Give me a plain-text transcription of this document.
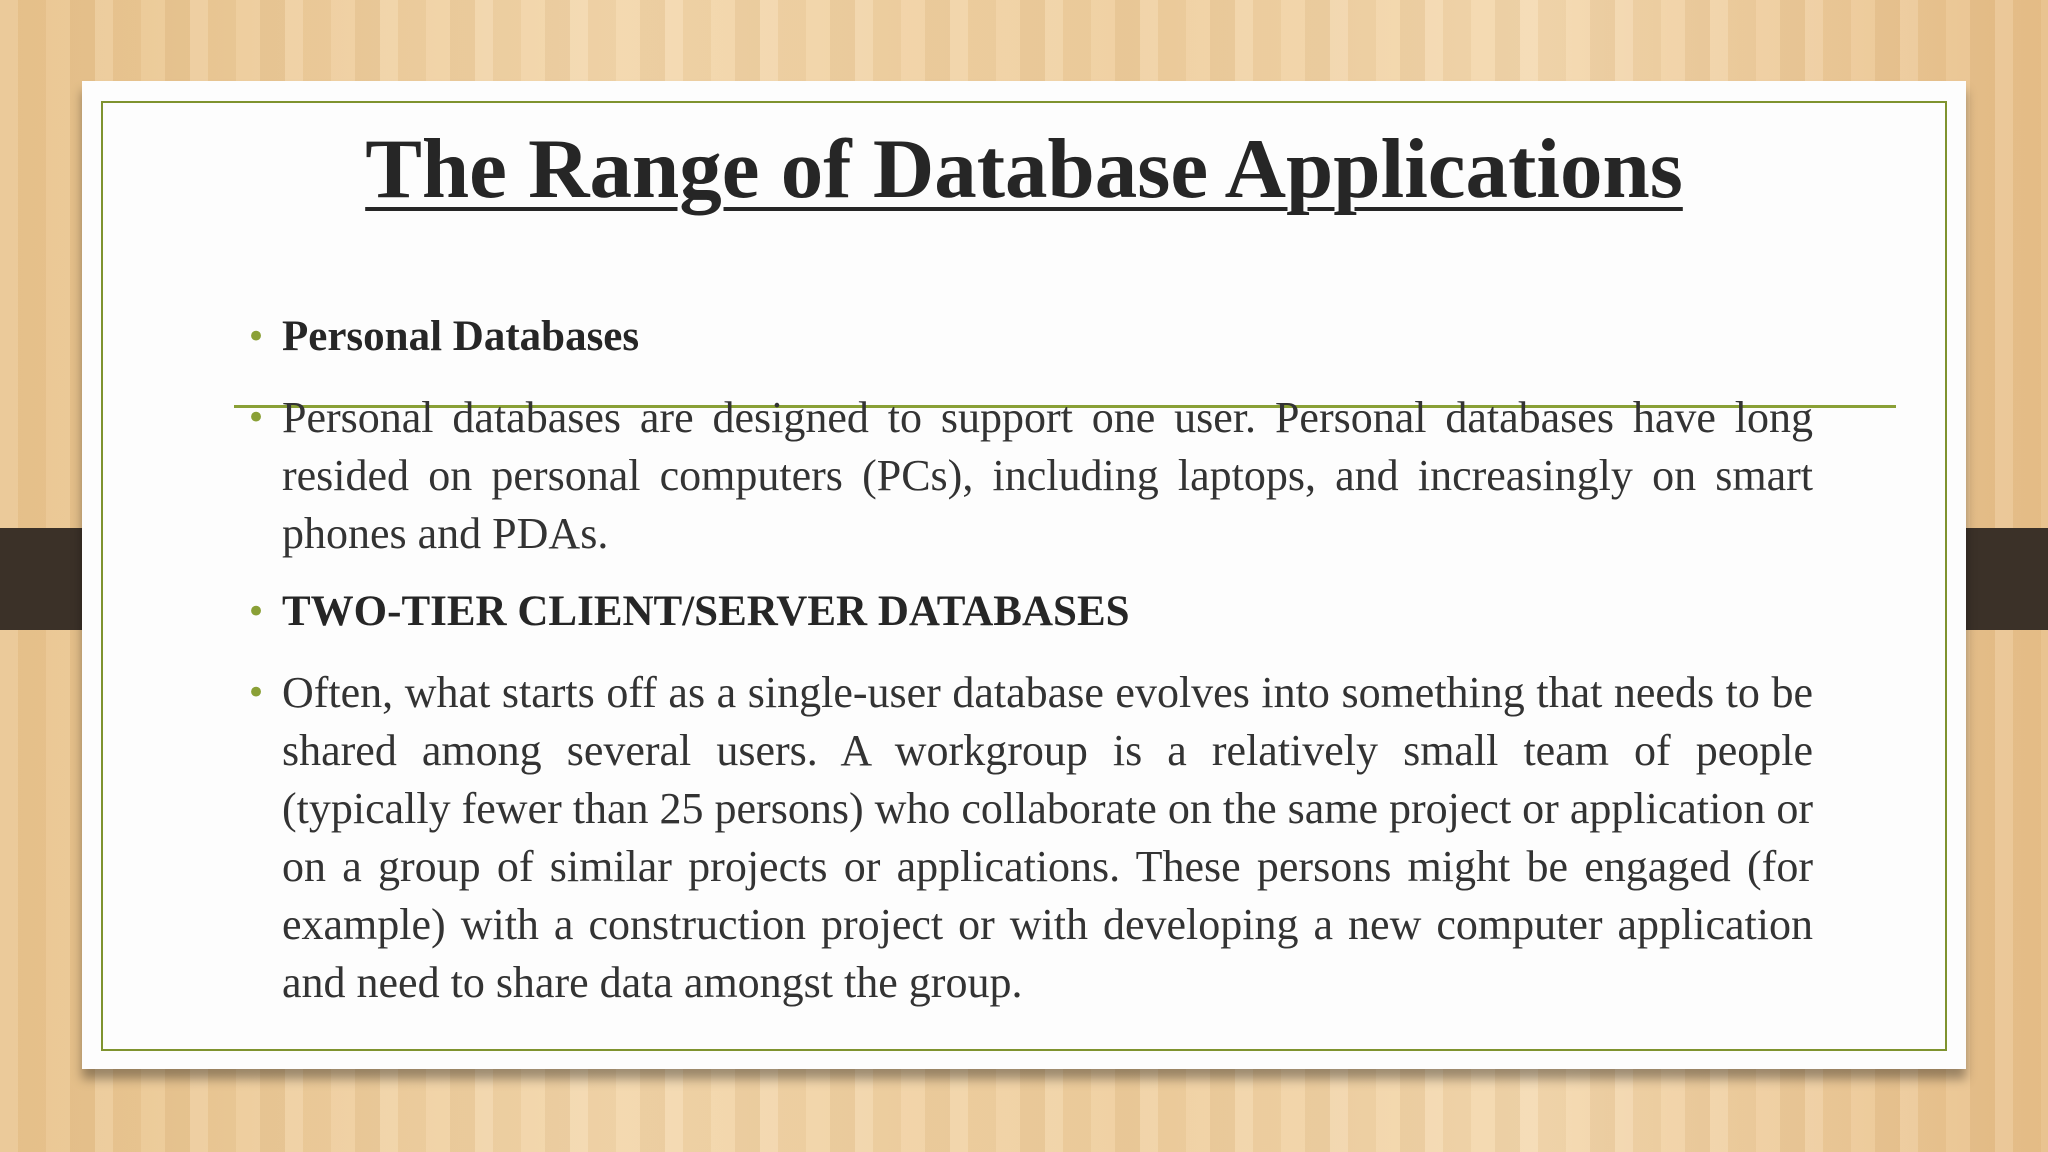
The Range of Database Applications
• Personal Databases
• Personal databases are designed to support one user. Personal databases have long resided on personal computers (PCs), including laptops, and increasingly on smart phones and PDAs.
• TWO-TIER CLIENT/SERVER DATABASES
• Often, what starts off as a single-user database evolves into something that needs to be shared among several users. A workgroup is a relatively small team of people (typically fewer than 25 persons) who collaborate on the same project or application or on a group of similar projects or applications. These persons might be engaged (for example) with a construction project or with developing a new computer application and need to share data amongst the group.
